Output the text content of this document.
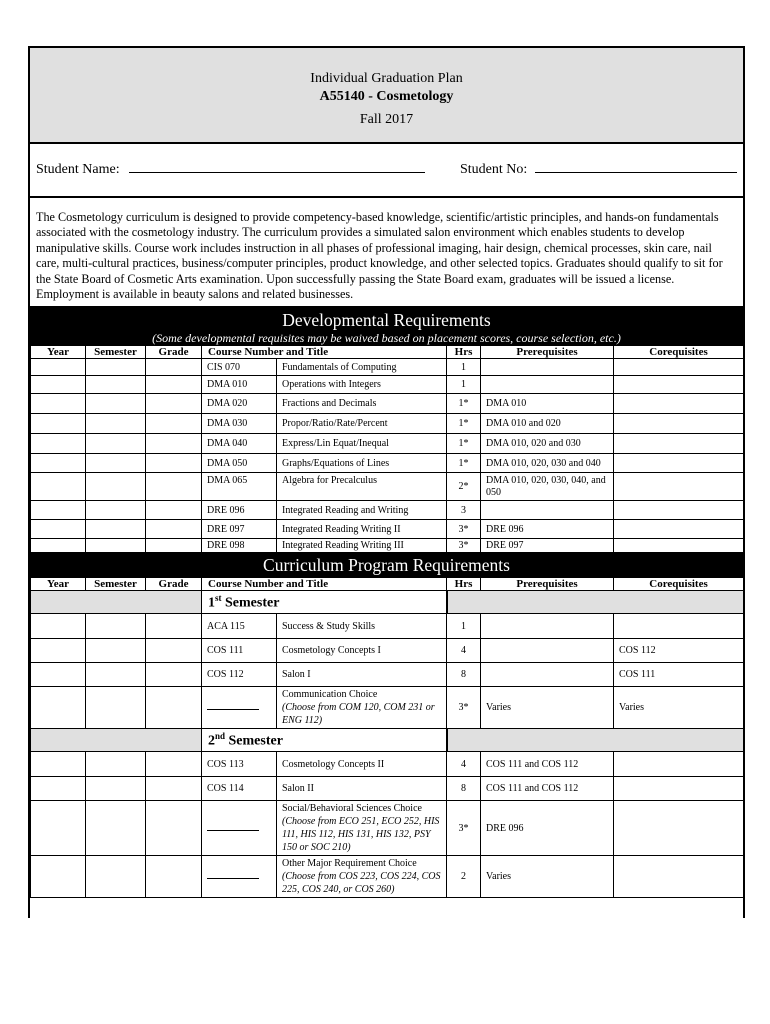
Individual Graduation Plan
A55140 - Cosmetology
Fall 2017
Student Name:	Student No:
The Cosmetology curriculum is designed to provide competency-based knowledge, scientific/artistic principles, and hands-on fundamentals associated with the cosmetology industry. The curriculum provides a simulated salon environment which enables students to develop manipulative skills. Course work includes instruction in all phases of professional imaging, hair design, chemical processes, skin care, nail care, multi-cultural practices, business/computer principles, product knowledge, and other selected topics. Graduates should qualify to sit for the State Board of Cosmetic Arts examination. Upon successfully passing the State Board exam, graduates will be issued a license. Employment is available in beauty salons and related businesses.
Developmental Requirements
(Some developmental requisites may be waived based on placement scores, course selection, etc.)
Year	Semester	Grade	Course Number and Title		Hrs	Prerequisites	Corequisites
			CIS 070	Fundamentals of Computing	1		
			DMA 010	Operations with Integers	1		
			DMA 020	Fractions and Decimals	1*	DMA 010	
			DMA 030	Propor/Ratio/Rate/Percent	1*	DMA 010 and 020	
			DMA 040	Express/Lin Equat/Inequal	1*	DMA 010, 020 and 030	
			DMA 050	Graphs/Equations of Lines	1*	DMA 010, 020, 030 and 040	
			DMA 065	Algebra for Precalculus	2*	DMA 010, 020, 030, 040, and 050	
			DRE 096	Integrated Reading and Writing	3		
			DRE 097	Integrated Reading Writing II	3*	DRE 096	
			DRE 098	Integrated Reading Writing III	3*	DRE 097	
Curriculum Program Requirements
Year	Semester	Grade	Course Number and Title		Hrs	Prerequisites	Corequisites
			1st Semester				
			ACA 115	Success & Study Skills	1		
			COS 111	Cosmetology Concepts I	4		COS 112
			COS 112	Salon I	8		COS 111

				Communication Choice
(Choose from COM 120, COM 231 or ENG 112)	3*	Varies	Varies
			2nd Semester				
			COS 113	Cosmetology Concepts II	4	COS 111 and COS 112	
			COS 114	Salon II	8	COS 111 and COS 112	

				Social/Behavioral Sciences Choice
(Choose from ECO 251, ECO 252, HIS 111, HIS 112, HIS 131, HIS 132, PSY 150 or SOC 210)	3*	DRE 096	

				Other Major Requirement Choice
(Choose from COS 223, COS 224, COS 225, COS 240, or COS 260)	2	Varies	
